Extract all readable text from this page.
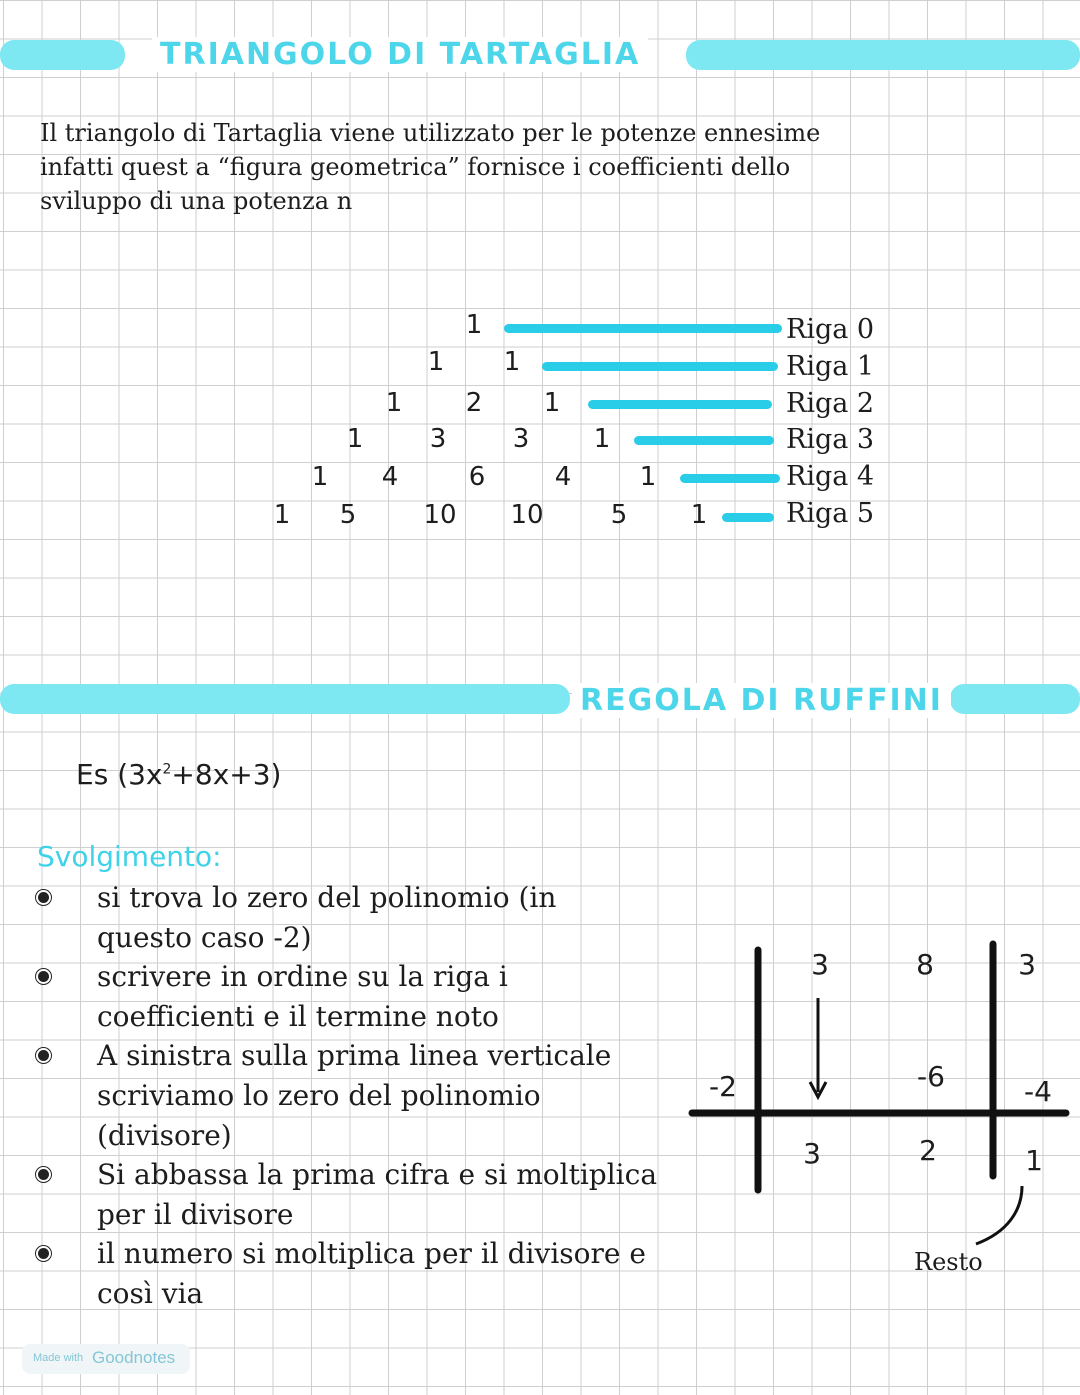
TRIANGOLO DI TARTAGLIA

Il triangolo di Tartaglia viene utilizzato per le potenze ennesime
infatti quest a “figura geometrica” fornisce i coefficienti dello
sviluppo di una potenza n

1	Riga 0
1 1	Riga 1
1 2 1	Riga 2
1	3	3 1	Riga 3
1 4	6	4	1	Riga 4
1 5	10 10	5 1	Riga 5
REGOLA DI RUFFINI
Es $(3x^2+8x+3)$
Svolgimento:
si trova lo zero del polinomio (in questo caso -2)
scrivere in ordine su la riga i coefficienti e il termine noto
A sinistra sulla prima linea verticale scriviamo lo zero del polinomio (divisore)
Si abbassa la prima cifra e si moltiplica per il divisore
il numero si moltiplica per il divisore e così via
3	8	3
-2	-6	-4
3	2	1
Resto
Made with Goodnotes
